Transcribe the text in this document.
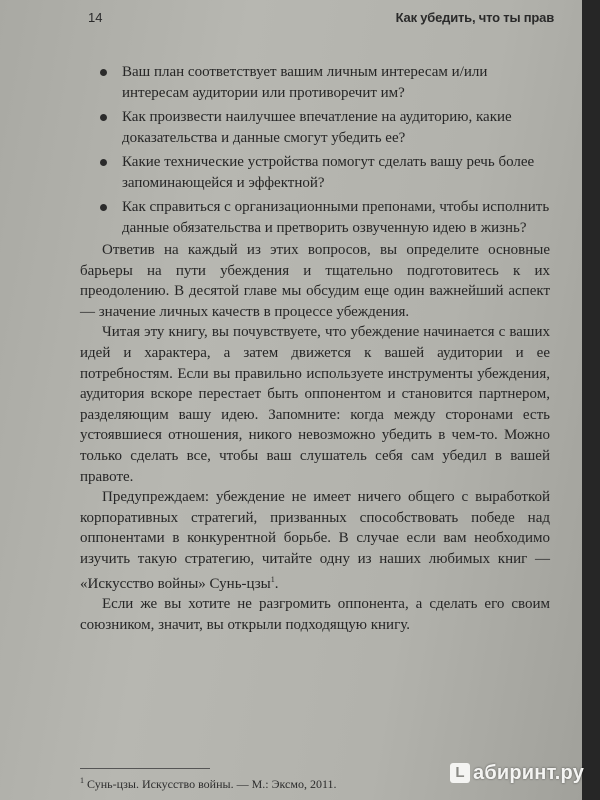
14	Как убедить, что ты прав
Ваш план соответствует вашим личным интересам и/или интересам аудитории или противоречит им?
Как произвести наилучшее впечатление на аудиторию, какие доказательства и данные смогут убедить ее?
Какие технические устройства помогут сделать вашу речь более запоминающейся и эффектной?
Как справиться с организационными препонами, чтобы исполнить данные обязательства и претворить озвученную идею в жизнь?

Ответив на каждый из этих вопросов, вы определите основные барьеры на пути убеждения и тщательно подготовитесь к их преодолению. В десятой главе мы обсудим еще один важнейший аспект — значение личных качеств в процессе убеждения.

Читая эту книгу, вы почувствуете, что убеждение начинается с ваших идей и характера, а затем движется к вашей аудитории и ее потребностям. Если вы правильно используете инструменты убеждения, аудитория вскоре перестает быть оппонентом и становится партнером, разделяющим вашу идею. Запомните: когда между сторонами есть устоявшиеся отношения, никого невозможно убедить в чем-то. Можно только сделать все, чтобы ваш слушатель себя сам убедил в вашей правоте.

Предупреждаем: убеждение не имеет ничего общего с выработкой корпоративных стратегий, призванных способствовать победе над оппонентами в конкурентной борьбе. В случае если вам необходимо изучить такую стратегию, читайте одну из наших любимых книг — «Искусство войны» Сунь-цзы$^1$.

Если же вы хотите не разгромить оппонента, а сделать его своим союзником, значит, вы открыли подходящую книгу.

$^1$ Сунь-цзы. Искусство войны. — М.: Эксмо, 2011.
L абиринт.ру
